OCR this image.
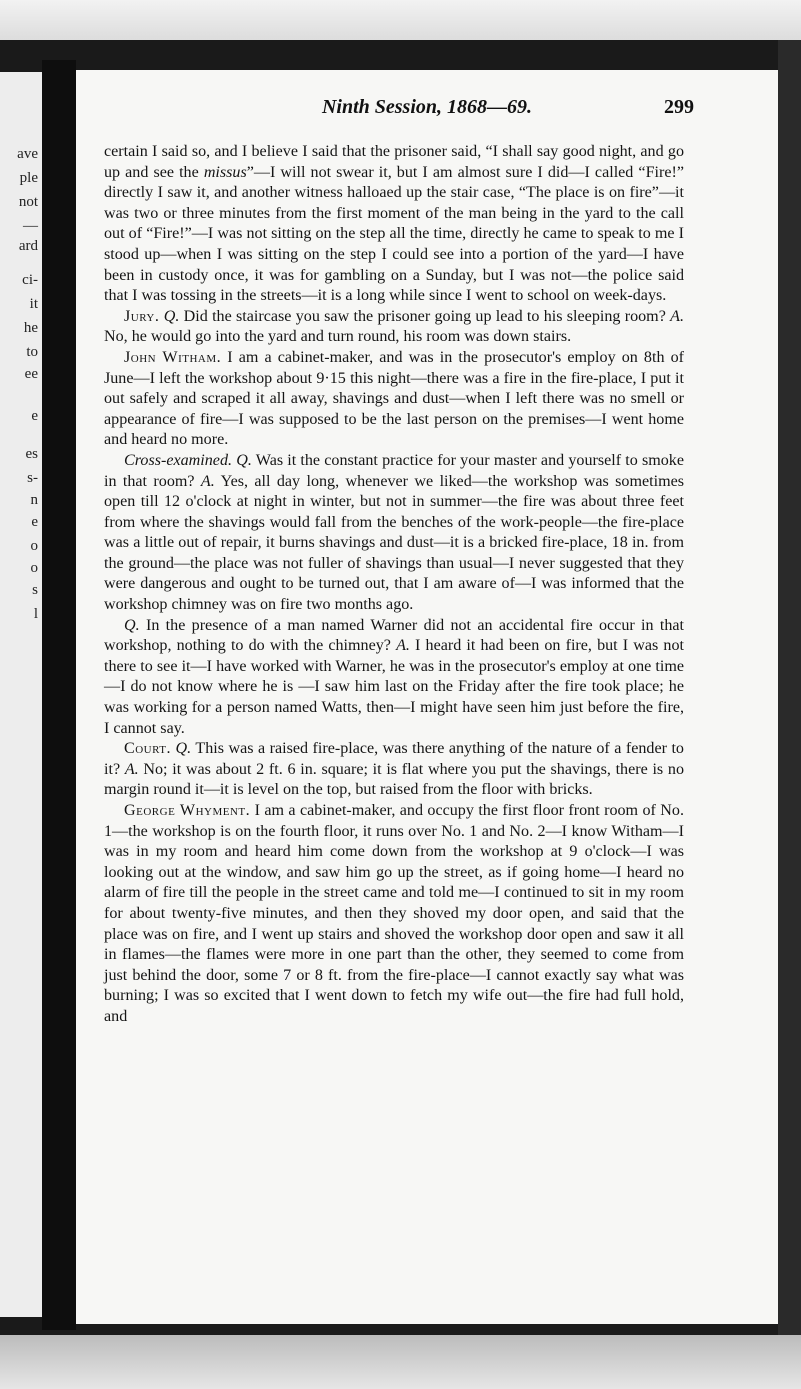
ave
ple
not
—
ard
ci-
it
he
to
ee
e
es
s-
n
e
o
o
s
l
Ninth Session, 1868—69.	299

certain I said so, and I believe I said that the prisoner said, “I shall say good night, and go up and see the missus”—I will not swear it, but I am almost sure I did—I called “Fire!” directly I saw it, and another witness halloaed up the stair case, “The place is on fire”—it was two or three minutes from the first moment of the man being in the yard to the call out of “Fire!”—I was not sitting on the step all the time, directly he came to speak to me I stood up—when I was sitting on the step I could see into a portion of the yard—I have been in custody once, it was for gambling on a Sunday, but I was not—the police said that I was tossing in the streets—it is a long while since I went to school on week-days.

Jury. Q. Did the staircase you saw the prisoner going up lead to his sleeping room? A. No, he would go into the yard and turn round, his room was down stairs.

John Witham. I am a cabinet-maker, and was in the prosecutor's employ on 8th of June—I left the workshop about 9·15 this night—there was a fire in the fire-place, I put it out safely and scraped it all away, shavings and dust—when I left there was no smell or appearance of fire—I was supposed to be the last person on the premises—I went home and heard no more.

Cross-examined. Q. Was it the constant practice for your master and yourself to smoke in that room? A. Yes, all day long, whenever we liked—the workshop was sometimes open till 12 o'clock at night in winter, but not in summer—the fire was about three feet from where the shavings would fall from the benches of the work-people—the fire-place was a little out of repair, it burns shavings and dust—it is a bricked fire-place, 18 in. from the ground—the place was not fuller of shavings than usual—I never suggested that they were dangerous and ought to be turned out, that I am aware of—I was informed that the workshop chimney was on fire two months ago.

Q. In the presence of a man named Warner did not an accidental fire occur in that workshop, nothing to do with the chimney? A. I heard it had been on fire, but I was not there to see it—I have worked with Warner, he was in the prosecutor's employ at one time—I do not know where he is —I saw him last on the Friday after the fire took place; he was working for a person named Watts, then—I might have seen him just before the fire, I cannot say.

Court. Q. This was a raised fire-place, was there anything of the nature of a fender to it? A. No; it was about 2 ft. 6 in. square; it is flat where you put the shavings, there is no margin round it—it is level on the top, but raised from the floor with bricks.

George Whyment. I am a cabinet-maker, and occupy the first floor front room of No. 1—the workshop is on the fourth floor, it runs over No. 1 and No. 2—I know Witham—I was in my room and heard him come down from the workshop at 9 o'clock—I was looking out at the window, and saw him go up the street, as if going home—I heard no alarm of fire till the people in the street came and told me—I continued to sit in my room for about twenty-five minutes, and then they shoved my door open, and said that the place was on fire, and I went up stairs and shoved the workshop door open and saw it all in flames—the flames were more in one part than the other, they seemed to come from just behind the door, some 7 or 8 ft. from the fire-place—I cannot exactly say what was burning; I was so excited that I went down to fetch my wife out—the fire had full hold, and
